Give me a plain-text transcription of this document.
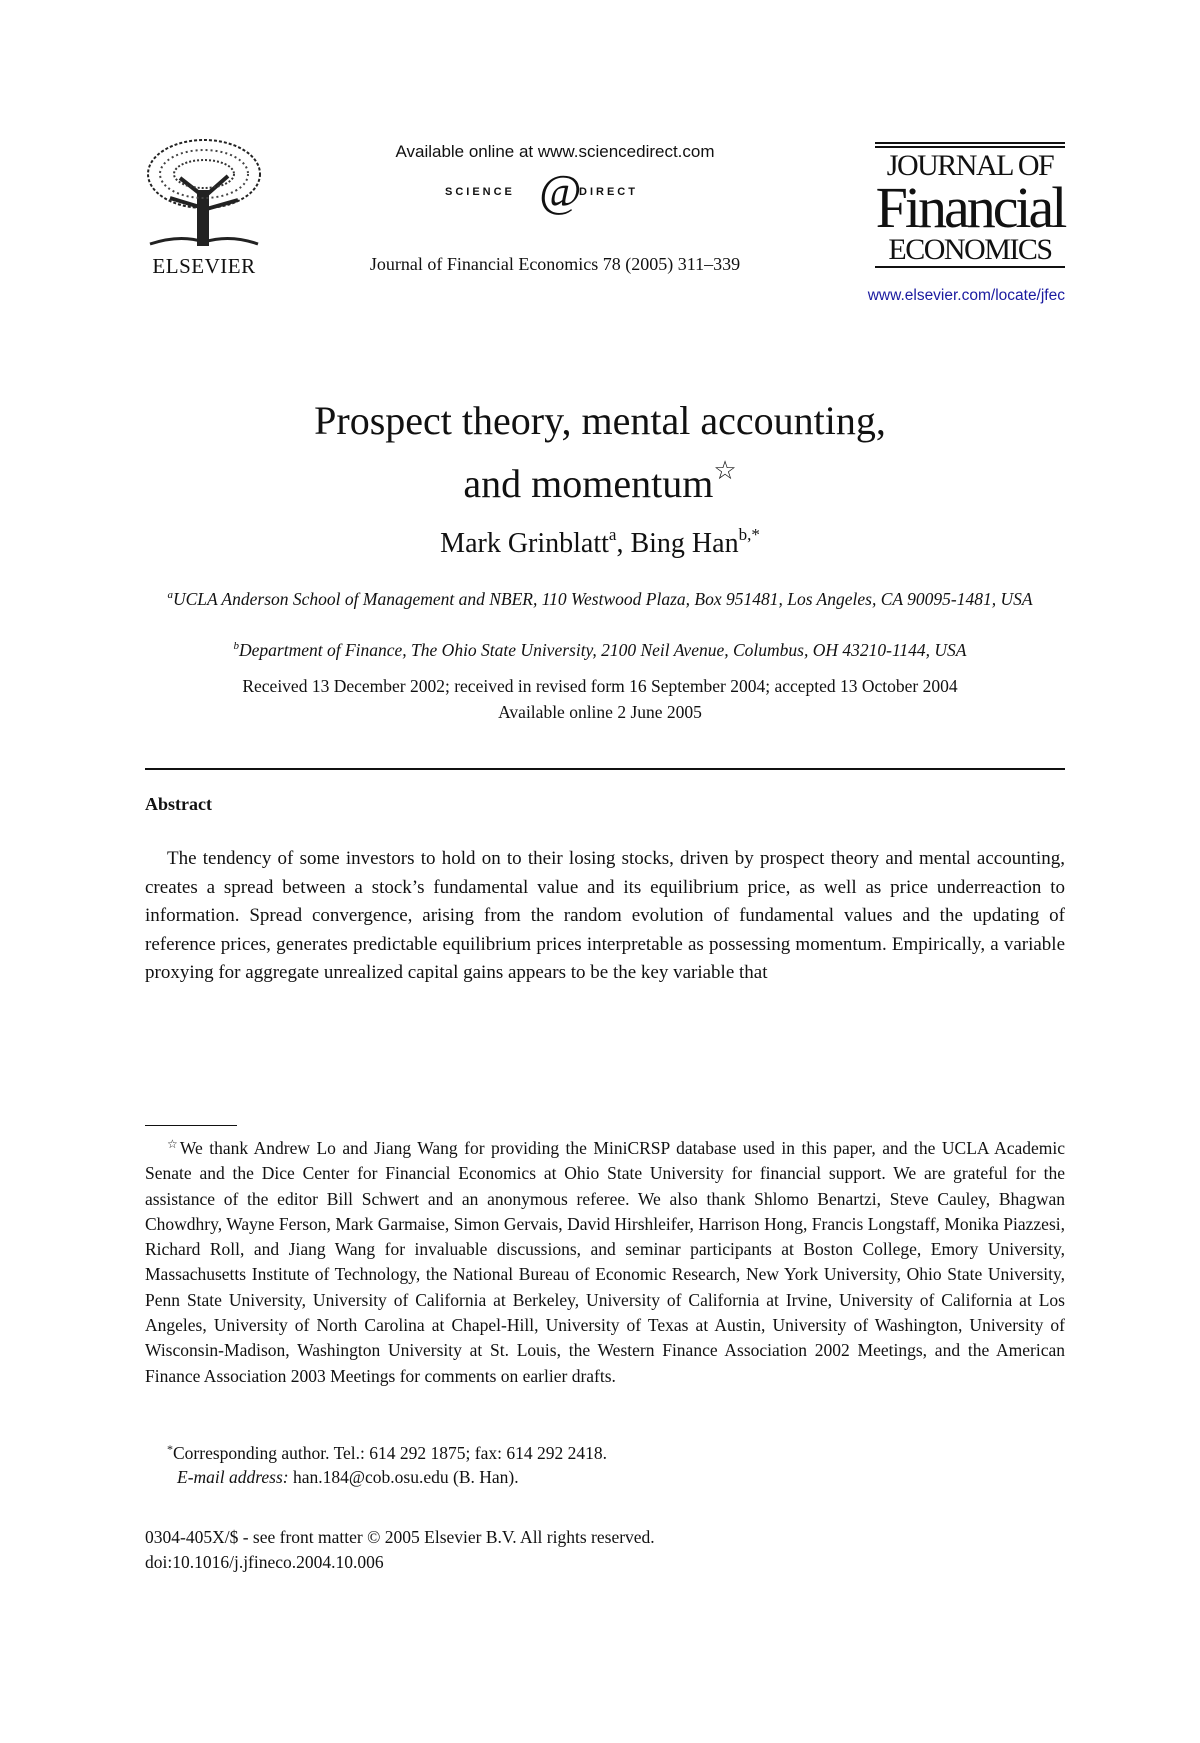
ELSEVIER
Available online at www.sciencedirect.com
SCIENCE @
DIRECT
Journal of Financial Economics 78 (2005) 311–339
JOURNAL OF
Financial
ECONOMICS
www.elsevier.com/locate/jfec
Prospect theory, mental accounting,
and momentum☆
Mark Grinblatt$^a$, Bing Han$^{b,*}$
$^a$UCLA Anderson School of Management and NBER, 110 Westwood Plaza, Box 951481, Los Angeles, CA 90095-1481, USA
$^b$Department of Finance, The Ohio State University, 2100 Neil Avenue, Columbus, OH 43210-1144, USA
Received 13 December 2002; received in revised form 16 September 2004; accepted 13 October 2004
Available online 2 June 2005
Abstract

The tendency of some investors to hold on to their losing stocks, driven by prospect theory and mental accounting, creates a spread between a stock’s fundamental value and its equilibrium price, as well as price underreaction to information. Spread convergence, arising from the random evolution of fundamental values and the updating of reference prices, generates predictable equilibrium prices interpretable as possessing momentum. Empirically, a variable proxying for aggregate unrealized capital gains appears to be the key variable that

☆We thank Andrew Lo and Jiang Wang for providing the MiniCRSP database used in this paper, and the UCLA Academic Senate and the Dice Center for Financial Economics at Ohio State University for financial support. We are grateful for the assistance of the editor Bill Schwert and an anonymous referee. We also thank Shlomo Benartzi, Steve Cauley, Bhagwan Chowdhry, Wayne Ferson, Mark Garmaise, Simon Gervais, David Hirshleifer, Harrison Hong, Francis Longstaff, Monika Piazzesi, Richard Roll, and Jiang Wang for invaluable discussions, and seminar participants at Boston College, Emory University, Massachusetts Institute of Technology, the National Bureau of Economic Research, New York University, Ohio State University, Penn State University, University of California at Berkeley, University of California at Irvine, University of California at Los Angeles, University of North Carolina at Chapel-Hill, University of Texas at Austin, University of Washington, University of Wisconsin-Madison, Washington University at St. Louis, the Western Finance Association 2002 Meetings, and the American Finance Association 2003 Meetings for comments on earlier drafts.

*Corresponding author. Tel.: 614 292 1875; fax: 614 292 2418.
E-mail address: han.184@cob.osu.edu (B. Han).
0304-405X/$ - see front matter © 2005 Elsevier B.V. All rights reserved.
doi:10.1016/j.jfineco.2004.10.006
